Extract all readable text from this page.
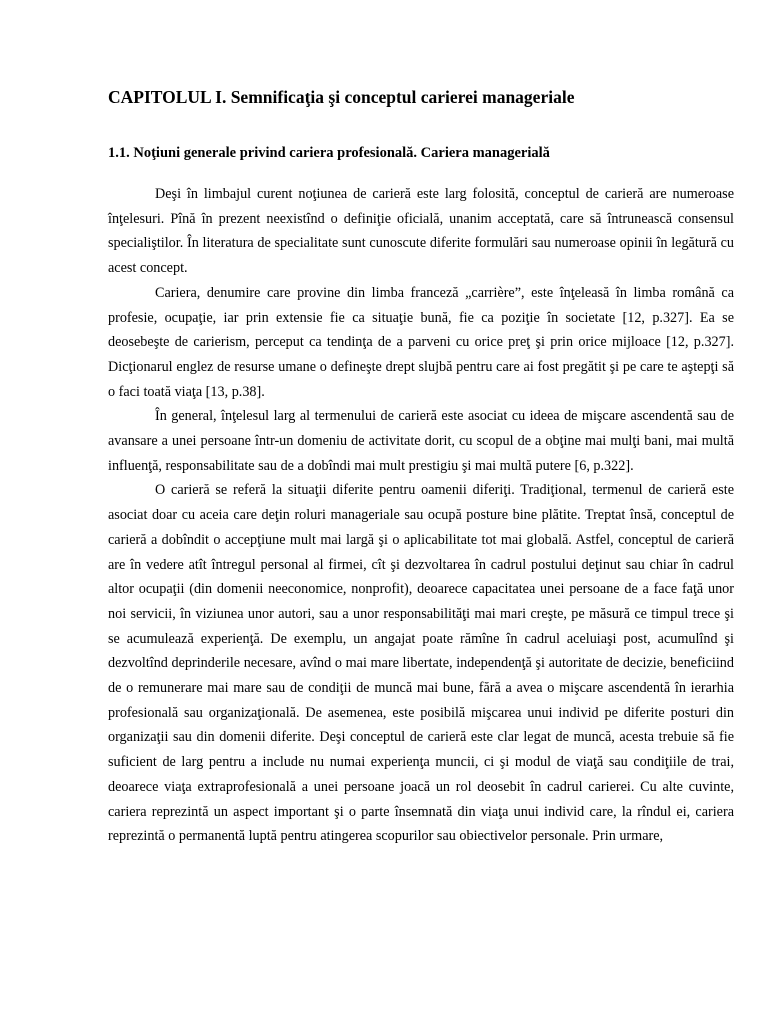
CAPITOLUL I. Semnificaţia şi conceptul carierei manageriale
1.1. Noţiuni generale privind cariera profesională. Cariera managerială

Deşi în limbajul curent noţiunea de carieră este larg folosită, conceptul de carieră are numeroase înţelesuri. Pînă în prezent neexistînd o definiţie oficială, unanim acceptată, care să întrunească consensul specialiştilor. În literatura de specialitate sunt cunoscute diferite formulări sau numeroase opinii în legătură cu acest concept.

Cariera, denumire care provine din limba franceză „carrière”, este înţeleasă în limba română ca profesie, ocupaţie, iar prin extensie fie ca situaţie bună, fie ca poziţie în societate [12, p.327]. Ea se deosebeşte de carierism, perceput ca tendinţa de a parveni cu orice preţ şi prin orice mijloace [12, p.327]. Dicţionarul englez de resurse umane o defineşte drept slujbă pentru care ai fost pregătit şi pe care te aştepţi să o faci toată viaţa [13, p.38].

În general, înţelesul larg al termenului de carieră este asociat cu ideea de mişcare ascendentă sau de avansare a unei persoane într-un domeniu de activitate dorit, cu scopul de a obţine mai mulţi bani, mai multă influenţă, responsabilitate sau de a dobîndi mai mult prestigiu şi mai multă putere [6, p.322].

O carieră se referă la situaţii diferite pentru oamenii diferiţi. Tradiţional, termenul de carieră este asociat doar cu aceia care deţin roluri manageriale sau ocupă posture bine plătite. Treptat însă, conceptul de carieră a dobîndit o accepţiune mult mai largă şi o aplicabilitate tot mai globală. Astfel, conceptul de carieră are în vedere atît întregul personal al firmei, cît şi dezvoltarea în cadrul postului deţinut sau chiar în cadrul altor ocupaţii (din domenii neeconomice, nonprofit), deoarece capacitatea unei persoane de a face faţă unor noi servicii, în viziunea unor autori, sau a unor responsabilităţi mai mari creşte, pe măsură ce timpul trece şi se acumulează experienţă. De exemplu, un angajat poate rămîne în cadrul aceluiaşi post, acumulînd şi dezvoltînd deprinderile necesare, avînd o mai mare libertate, independenţă şi autoritate de decizie, beneficiind de o remunerare mai mare sau de condiţii de muncă mai bune, fără a avea o mişcare ascendentă în ierarhia profesională sau organizaţională. De asemenea, este posibilă mişcarea unui individ pe diferite posturi din organizaţii sau din domenii diferite. Deşi conceptul de carieră este clar legat de muncă, acesta trebuie să fie suficient de larg pentru a include nu numai experienţa muncii, ci şi modul de viaţă sau condiţiile de trai, deoarece viaţa extraprofesională a unei persoane joacă un rol deosebit în cadrul carierei. Cu alte cuvinte, cariera reprezintă un aspect important şi o parte însemnată din viaţa unui individ care, la rîndul ei, cariera reprezintă o permanentă luptă pentru atingerea scopurilor sau obiectivelor personale. Prin urmare,
